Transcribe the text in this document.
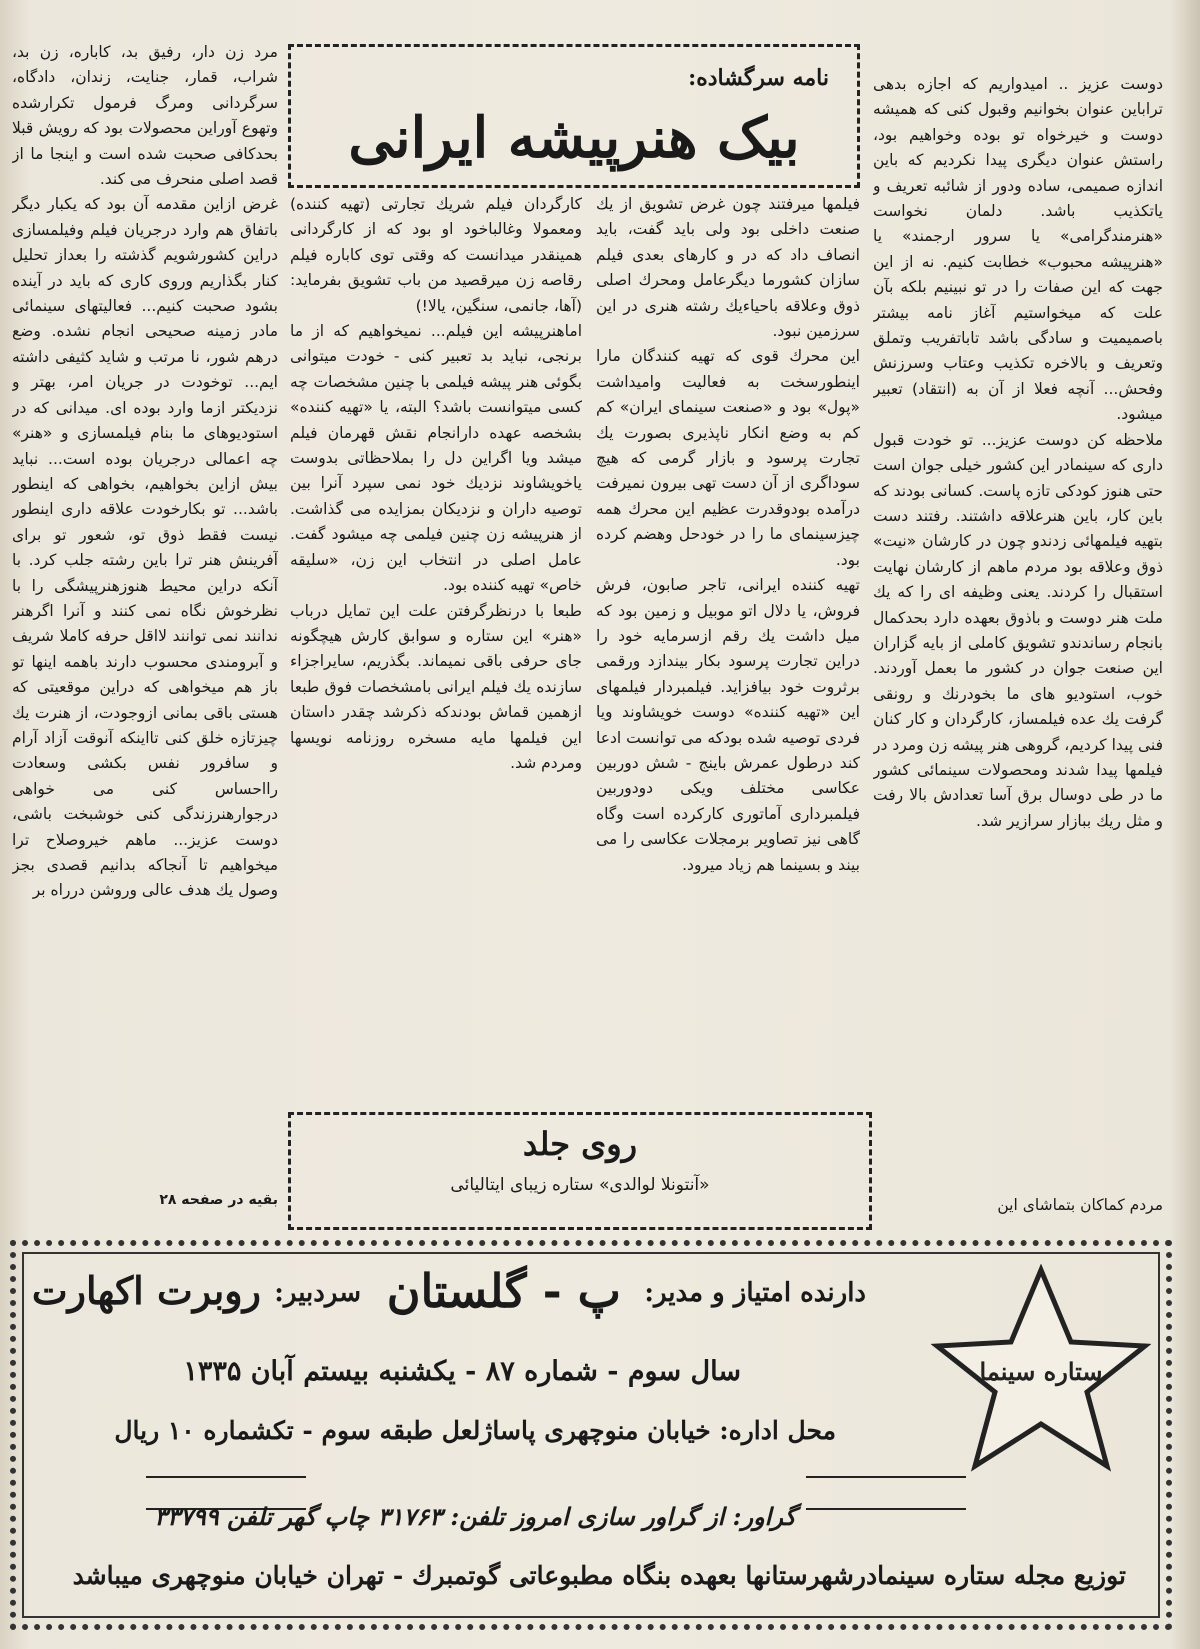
نامه سرگشاده:
بیک هنرپیشه ایرانی

دوست عزیز .. امیدواریم که اجازه بدهی تراباین عنوان بخوانیم وقبول کنی که همیشه دوست و خیرخواه تو بوده وخواهیم بود، راستش عنوان دیگری پیدا نکردیم که باین اندازه صمیمی، ساده ودور از شائبه تعریف و یاتکذیب باشد. دلمان نخواست «هنرمندگرامی» یا سرور ارجمند» یا «هنرپیشه محبوب» خطابت کنیم. نه از این جهت که این صفات را در تو نبینیم بلکه بآن علت که میخواستیم آغاز نامه بیشتر باصمیمیت و سادگی باشد تاباتفریب وتملق وتعریف و بالاخره تکذیب وعتاب وسرزنش وفحش... آنچه فعلا از آن به (انتقاد) تعبیر میشود.

ملاحظه کن دوست عزیز... تو خودت قبول داری که سینمادر این کشور خیلی جوان است حتی هنوز کودکی تازه پاست. کسانی بودند که باین کار، باین هنرعلاقه داشتند. رفتند دست بتهیه فیلمهائی زدندو چون در کارشان «نیت» ذوق وعلاقه بود مردم ماهم از کارشان نهایت استقبال را کردند. یعنی وظیفه ای را که یك ملت هنر دوست و باذوق بعهده دارد بحدکمال بانجام رساندندو تشویق کاملی از بایه گزاران این صنعت جوان در کشور ما بعمل آوردند. خوب، استودیو های ما بخودرنك و رونقی گرفت یك عده فیلمساز، کارگردان و کار کنان فنی پیدا کردیم، گروهی هنر پیشه زن ومرد در فیلمها پیدا شدند ومحصولات سینمائی کشور ما در طی دوسال برق آسا تعدادش بالا رفت و مثل ریك ببازار سرازیر شد.

فیلمها میرفتند چون غرض تشویق از یك صنعت داخلی بود ولی باید گفت، باید انصاف داد که در و کارهای بعدی فیلم سازان کشورما دیگرعامل ومحرك اصلی ذوق وعلاقه باحیاءیك رشته هنری در این سرزمین نبود.

این محرك قوی که تهیه کنندگان مارا اینطورسخت به فعالیت وامیداشت «پول» بود و «صنعت سینمای ایران» کم کم به وضع انکار ناپذیری بصورت یك تجارت پرسود و بازار گرمی که هیچ سوداگری از آن دست تهی بیرون نمیرفت درآمده بودوقدرت عظیم این محرك همه چیزسینمای ما را در خودحل وهضم کرده بود.

تهیه کننده ایرانی، تاجر صابون، فرش فروش، یا دلال اتو موبیل و زمین بود که میل داشت یك رقم ازسرمایه خود را دراین تجارت پرسود بکار بیندازد ورقمی برثروت خود بیافزاید. فیلمبردار فیلمهای این «تهیه کننده» دوست خویشاوند ویا فردی توصیه شده بودکه می توانست ادعا کند درطول عمرش باینج - شش دوربین عکاسی مختلف ویکی دودوربین فیلمبرداری آماتوری کارکرده است وگاه گاهی نیز تصاویر برمجلات عکاسی را می بیند و بسینما هم زیاد میرود.

کارگردان فیلم شریك تجارتی (تهیه کننده) ومعمولا وغالباخود او بود که از کارگردانی همینقدر میدانست که وقتی توی کاباره فیلم رقاصه زن میرقصید من باب تشویق بفرماید: (آها، جانمی، سنگین، یالا!)

اماهنرپیشه این فیلم... نمیخواهیم که از ما برنجی، نباید بد تعبیر کنی - خودت میتوانی بگوئی هنر پیشه فیلمی با چنین مشخصات چه کسی میتوانست باشد؟ البته، یا «تهیه کننده» بشخصه عهده دارانجام نقش قهرمان فیلم میشد ویا اگراین دل را بملاحظاتی بدوست یاخویشاوند نزدیك خود نمی سپرد آنرا بین توصیه داران و نزدیکان بمزایده می گذاشت. از هنرپیشه زن چنین فیلمی چه میشود گفت. عامل اصلی در انتخاب این زن، «سلیقه خاص» تهیه کننده بود.

طبعا با درنظرگرفتن علت این تمایل درباب «هنر» این ستاره و سوابق کارش هیچگونه جای حرفی باقی نمیماند. بگذریم، سایراجزاء سازنده یك فیلم ایرانی بامشخصات فوق طبعا ازهمین قماش بودندکه ذکرشد چقدر داستان این فیلمها مایه مسخره روزنامه نویسها ومردم شد.

مرد زن دار، رفیق بد، کاباره، زن بد، شراب، قمار، جنایت، زندان، دادگاه، سرگردانی ومرگ فرمول تکرارشده وتهوع آوراین محصولات بود که رویش قبلا بحدکافی صحبت شده است و اینجا ما از قصد اصلی منحرف می کند.

غرض ازاین مقدمه آن بود که یکبار دیگر باتفاق هم وارد درجریان فیلم وفیلمسازی دراین کشورشویم گذشته را بعداز تحلیل کنار بگذاریم وروی کاری که باید در آینده بشود صحبت کنیم... فعالیتهای سینمائی مادر زمینه صحیحی انجام نشده. وضع درهم شور، نا مرتب و شاید کثیفی داشته ایم... توخودت در جریان امر، بهتر و نزدیکتر ازما وارد بوده ای. میدانی که در استودیوهای ما بنام فیلمسازی و «هنر» چه اعمالی درجریان بوده است... نباید بیش ازاین بخواهیم، بخواهی که اینطور باشد... تو بکارخودت علاقه داری اینطور نیست فقط ذوق تو، شعور تو برای آفرینش هنر ترا باین رشته جلب کرد. با آنکه دراین محیط هنوزهنرپیشگی را با نظرخوش نگاه نمی کنند و آنرا اگرهنر ندانند نمی توانند لااقل حرفه کاملا شریف و آبرومندی محسوب دارند باهمه اینها تو باز هم میخواهی که دراین موقعیتی که هستی باقی بمانی ازوجودت، از هنرت یك چیزتازه خلق کنی تااینکه آنوقت آزاد آرام و سافرور نفس بکشی وسعادت رااحساس کنی می خواهی درجوارهنرزندگی کنی خوشبخت باشی، دوست عزیز... ماهم خیروصلاح ترا میخواهیم تا آنجاکه بدانیم قصدی بجز وصول یك هدف عالی وروشن درراه بر

بقیه در صفحه ۲۸	مردم کماکان بتماشای این
روی جلد
«آنتونلا لوالدی» ستاره زیبای ایتالیائی
ستاره سینما
دارنده امتیاز و مدیر:
پ - گلستان
سردبیر:
روبرت اکهارت
سال سوم - شماره ۸۷ - یکشنبه بیستم آبان ۱۳۳۵
محل اداره: خیابان منوچهری پاساژلعل طبقه سوم - تکشماره ۱۰ ریال
گراور: از گراور سازی امروز تلفن: ۳۱۷۶۳ چاپ گهر تلفن ۳۳۷۹۹
توزیع مجله ستاره سینمادرشهرستانها بعهده بنگاه مطبوعاتی گوتمبرك - تهران خیابان منوچهری میباشد
